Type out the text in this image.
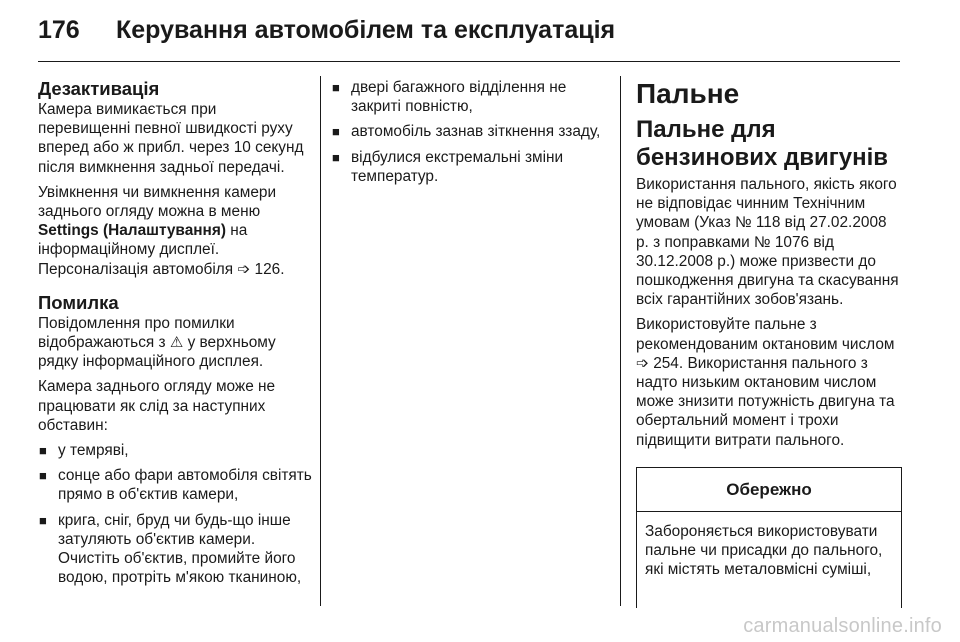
176	Керування автомобілем та експлуатація
Дезактивація

Камера вимикається при перевищенні певної швидкості руху вперед або ж прибл. через 10 секунд після вимкнення задньої передачі.

Увімкнення чи вимкнення камери заднього огляду можна в меню Settings (Налаштування) на інформаційному дисплеї.
Персоналізація автомобіля ➩ 126.

Помилка

Повідомлення про помилки відображаються з ⚠ у верхньому рядку інформаційного дисплея.

Камера заднього огляду може не працювати як слід за наступних обставин:

■ у темряві,
■ сонце або фари автомобіля світять прямо в об'єктив камери,
■ крига, сніг, бруд чи будь-що інше затуляють об'єктив камери. Очистіть об'єктив, промийте його водою, протріть м'якою тканиною,
■ двері багажного відділення не закриті повністю,
■ автомобіль зазнав зіткнення ззаду,
■ відбулися екстремальні зміни температур.
Пальне
Пальне для бензинових двигунів

Використання пального, якість якого не відповідає чинним Технічним умовам (Указ № 118 від 27.02.2008 р. з поправками № 1076 від 30.12.2008 р.) може призвести до пошкодження двигуна та скасування всіх гарантійних зобов'язань.

Використовуйте пальне з рекомендованим октановим числом ➩ 254. Використання пального з надто низьким октановим числом може знизити потужність двигуна та обертальний момент і трохи підвищити витрати пального.

Обережно
Забороняється використовувати пальне чи присадки до пального, які містять металовмісні суміші,
carmanualsonline.info
